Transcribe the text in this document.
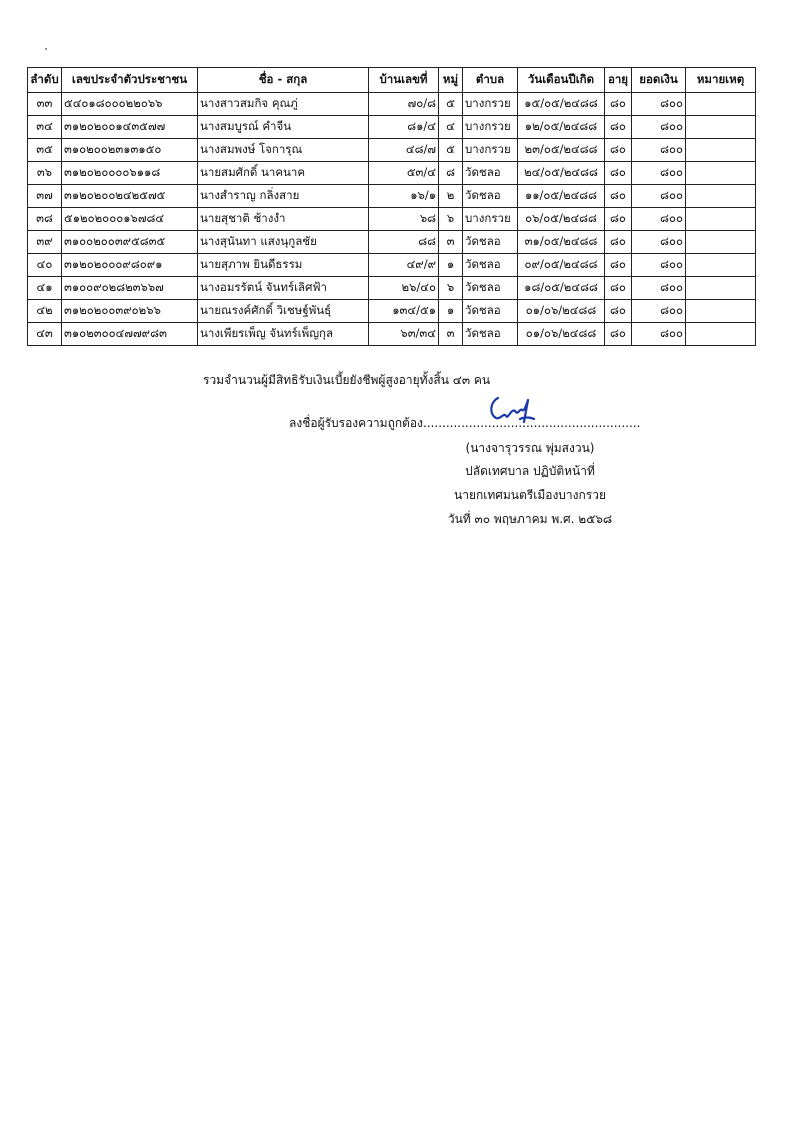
ลำดับ	เลขประจำตัวประชาชน	ชื่อ - สกุล	บ้านเลขที่	หมู่	ตำบล	วันเดือนปีเกิด	อายุ	ยอดเงิน	หมายเหตุ
๓๓	๕๔๐๑๘๐๐๐๒๒๐๖๖	นางสาวสมกิจ คุณภู่	๗๐/๘	๕	บางกรวย	๑๕/๐๕/๒๔๘๘	๘๐	๘๐๐	
๓๔	๓๑๒๐๒๐๐๑๔๓๕๗๗	นางสมบูรณ์ คำจีน	๘๑/๔	๔	บางกรวย	๑๒/๐๕/๒๔๘๘	๘๐	๘๐๐	
๓๕	๓๑๐๒๐๐๒๓๑๓๑๕๐	นางสมพงษ์ โจการุณ	๔๘/๗	๕	บางกรวย	๒๓/๐๕/๒๔๘๘	๘๐	๘๐๐	
๓๖	๓๑๒๐๒๐๐๐๐๖๑๑๘	นายสมศักดิ์ นาคนาค	๕๓/๔	๘	วัดชลอ	๒๔/๐๕/๒๔๘๘	๘๐	๘๐๐	
๓๗	๓๑๒๐๒๐๐๒๔๒๕๗๕	นางสำราญ กลิ่งสาย	๑๖/๑	๒	วัดชลอ	๑๑/๐๕/๒๔๘๘	๘๐	๘๐๐	
๓๘	๕๑๒๐๒๐๐๐๑๖๗๘๔	นายสุชาติ ช้างงำ	๖๘	๖	บางกรวย	๐๖/๐๕/๒๔๘๘	๘๐	๘๐๐	
๓๙	๓๑๐๐๒๐๐๓๙๕๘๓๕	นางสุนันทา แสงนุกูลชัย	๘๘	๓	วัดชลอ	๓๑/๐๕/๒๔๘๘	๘๐	๘๐๐	
๔๐	๓๑๒๐๒๐๐๐๙๘๐๙๑	นายสุภาพ ยินดีธรรม	๔๙/๙	๑	วัดชลอ	๐๙/๐๕/๒๔๘๘	๘๐	๘๐๐	
๔๑	๓๑๐๐๙๐๒๘๒๓๖๖๗	นางอมรรัตน์ จันทร์เลิศฟ้า	๒๖/๔๐	๖	วัดชลอ	๑๘/๐๕/๒๔๘๘	๘๐	๘๐๐	
๔๒	๓๑๒๐๒๐๐๓๙๐๒๖๖	นายณรงค์ศักดิ์ วิเชษฐ์พันธุ์	๑๓๔/๕๑	๑	วัดชลอ	๐๑/๐๖/๒๔๘๘	๘๐	๘๐๐	
๔๓	๓๑๐๒๓๐๐๔๗๗๙๘๓	นางเพียรเพ็ญ จันทร์เพ็ญกุล	๖๓/๓๔	๓	วัดชลอ	๐๑/๐๖/๒๔๘๘	๘๐	๘๐๐	
รวมจำนวนผู้มีสิทธิรับเงินเบี้ยยังชีพผู้สูงอายุทั้งสิ้น ๔๓ คน
ลงชื่อผู้รับรองความถูกต้อง.........................................................
(นางจารุวรรณ พุ่มสงวน)
ปลัดเทศบาล ปฏิบัติหน้าที่
นายกเทศมนตรีเมืองบางกรวย
วันที่ ๓๐ พฤษภาคม พ.ศ. ๒๕๖๘
